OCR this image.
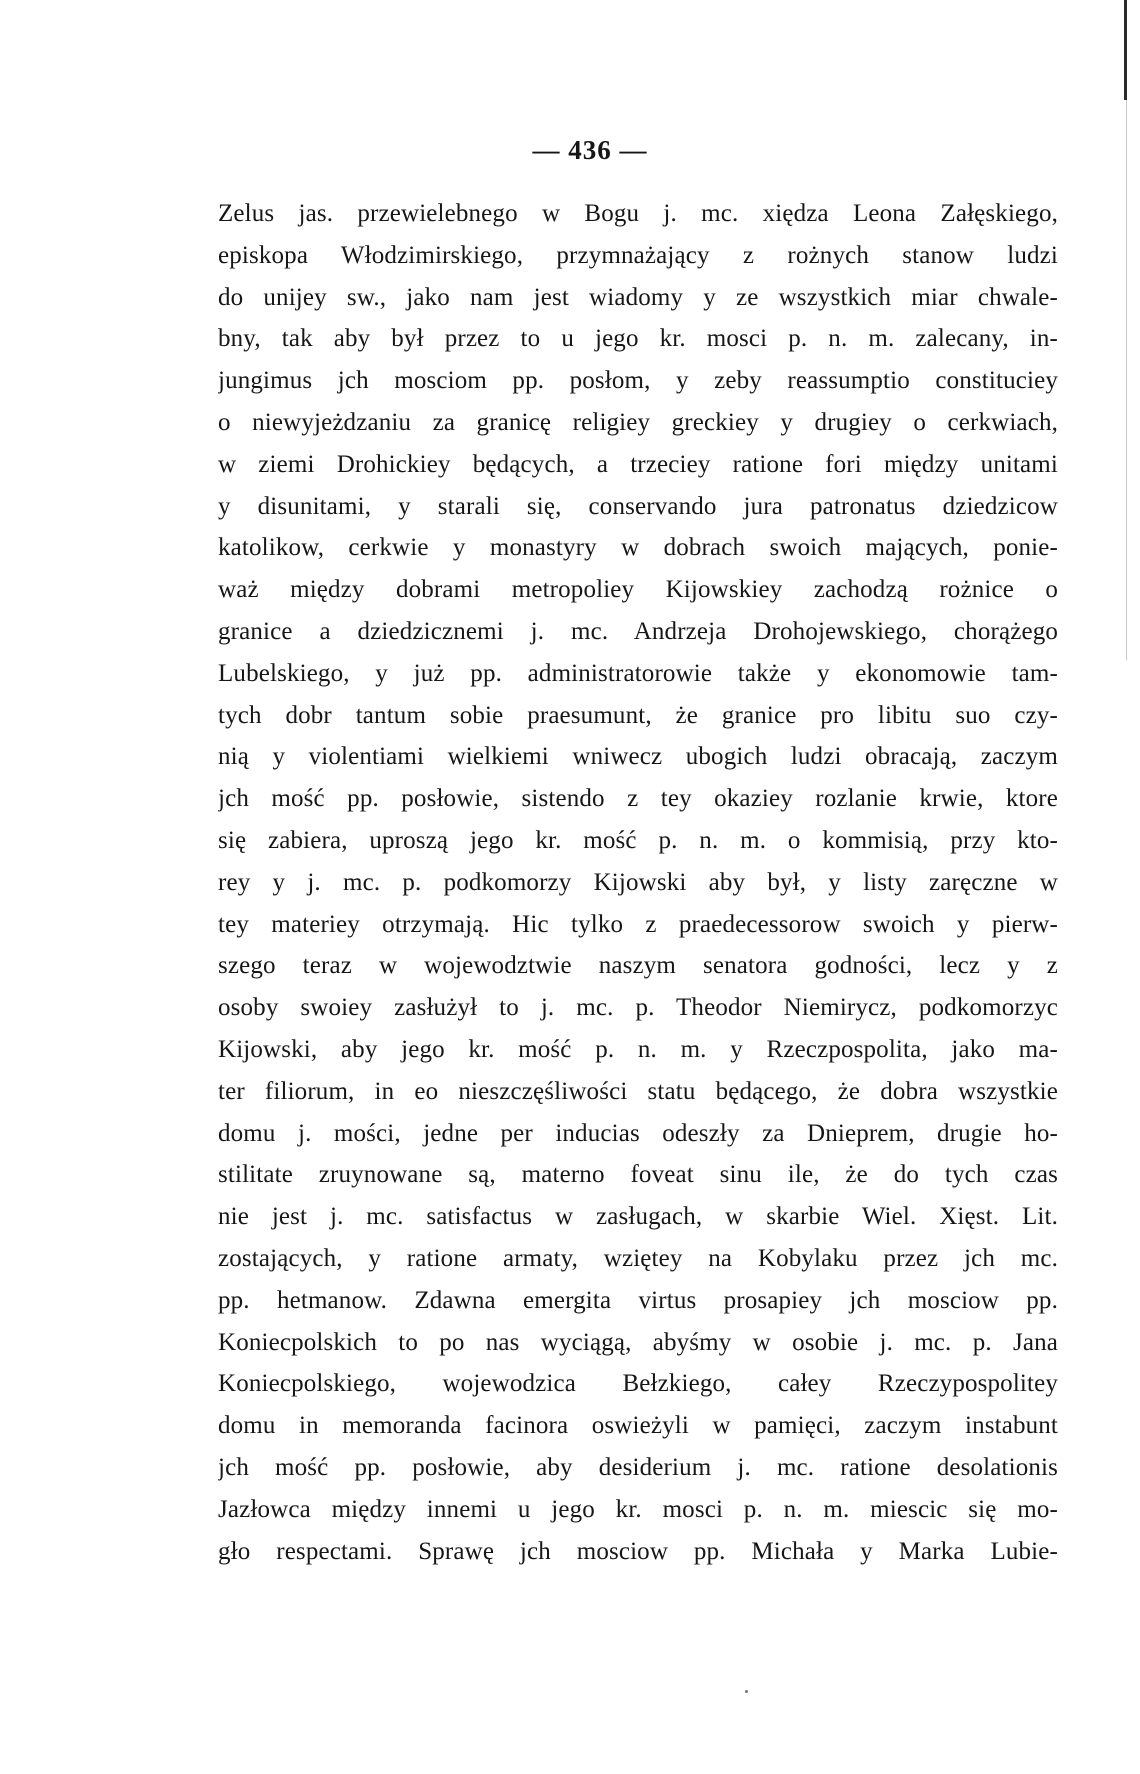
— 436 —
Zelus jas. przewielebnego w Bogu j. mc. xiędza Leona Załęskiego,
episkopa Włodzimirskiego, przymnażający z rożnych stanow ludzi
do unijey sw., jako nam jest wiadomy y ze wszystkich miar chwale-
bny, tak aby był przez to u jego kr. mosci p. n. m. zalecany, in-
jungimus jch mosciom pp. posłom, y zeby reassumptio constituciey
o niewyjeżdzaniu za granicę religiey greckiey y drugiey o cerkwiach,
w ziemi Drohickiey będących, a trzeciey ratione fori między unitami
y disunitami, y starali się, conservando jura patronatus dziedzicow
katolikow, cerkwie y monastyry w dobrach swoich mających, ponie-
waż między dobrami metropoliey Kijowskiey zachodzą rożnice o
granice a dziedzicznemi j. mc. Andrzeja Drohojewskiego, chorążego
Lubelskiego, y już pp. administratorowie także y ekonomowie tam-
tych dobr tantum sobie praesumunt, że granice pro libitu suo czy-
nią y violentiami wielkiemi wniwecz ubogich ludzi obracają, zaczym
jch mość pp. posłowie, sistendo z tey okaziey rozlanie krwie, ktore
się zabiera, uproszą jego kr. mość p. n. m. o kommisią, przy kto-
rey y j. mc. p. podkomorzy Kijowski aby był, y listy zaręczne w
tey materiey otrzymają. Hic tylko z praedecessorow swoich y pierw-
szego teraz w wojewodztwie naszym senatora godności, lecz y z
osoby swoiey zasłużył to j. mc. p. Theodor Niemirycz, podkomorzyc
Kijowski, aby jego kr. mość p. n. m. y Rzeczpospolita, jako ma-
ter filiorum, in eo nieszczęśliwości statu będącego, że dobra wszystkie
domu j. mości, jedne per inducias odeszły za Dnieprem, drugie ho-
stilitate zruynowane są, materno foveat sinu ile, że do tych czas
nie jest j. mc. satisfactus w zasługach, w skarbie Wiel. Xięst. Lit.
zostających, y ratione armaty, wziętey na Kobylaku przez jch mc.
pp. hetmanow. Zdawna emergita virtus prosapiey jch mosciow pp.
Koniecpolskich to po nas wyciągą, abyśmy w osobie j. mc. p. Jana
Koniecpolskiego, wojewodzica Bełzkiego, całey Rzeczypospolitey
domu in memoranda facinora oswieżyli w pamięci, zaczym instabunt
jch mość pp. posłowie, aby desiderium j. mc. ratione desolationis
Jazłowca między innemi u jego kr. mosci p. n. m. miescic się mo-
gło respectami. Sprawę jch mosciow pp. Michała y Marka Lubie-
